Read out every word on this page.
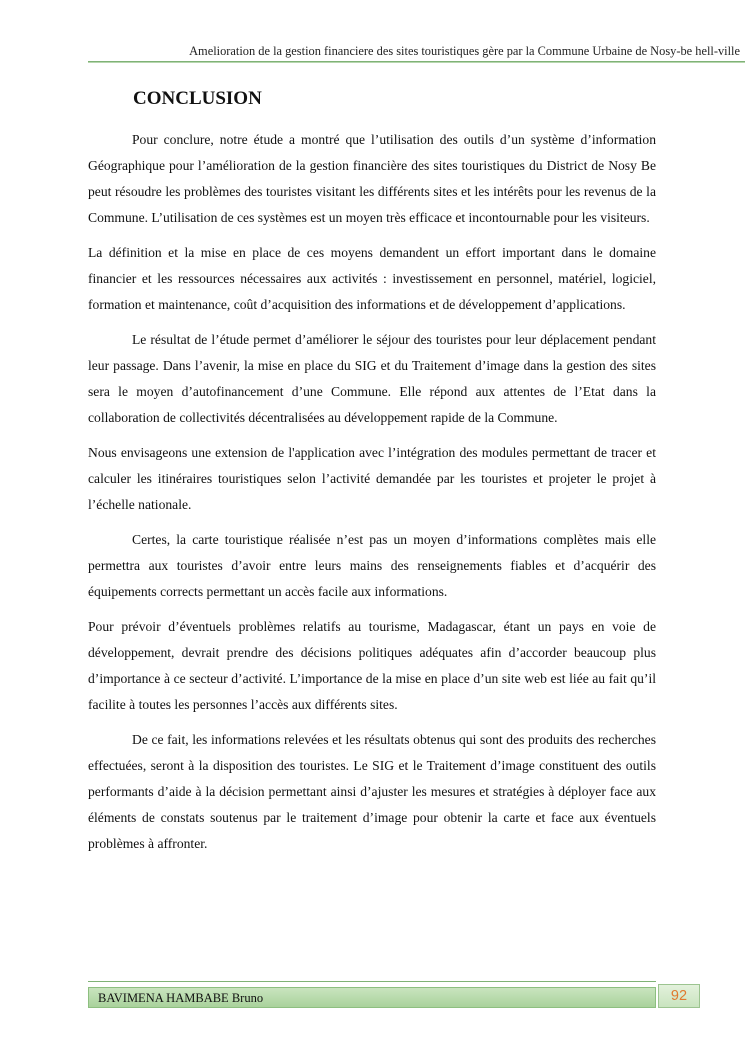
Amelioration de la gestion financiere des sites touristiques gère par la Commune Urbaine de Nosy-be hell-ville
CONCLUSION

Pour conclure, notre étude a montré que l’utilisation des outils d’un système d’information Géographique pour l’amélioration de la gestion financière des sites touristiques du District de Nosy Be peut résoudre les problèmes des touristes visitant les différents sites et les intérêts pour les revenus de la Commune. L’utilisation de ces systèmes est un moyen très efficace et incontournable pour les visiteurs.

La définition et la mise en place de ces moyens demandent un effort important dans le domaine financier et les ressources nécessaires aux activités : investissement en personnel, matériel, logiciel, formation et maintenance, coût d’acquisition des informations et de développement d’applications.

Le résultat de l’étude permet d’améliorer le séjour des touristes pour leur déplacement pendant leur passage. Dans l’avenir, la mise en place du SIG et du Traitement d’image dans la gestion des sites sera le moyen d’autofinancement d’une Commune. Elle répond aux attentes de l’Etat dans la collaboration de collectivités décentralisées au développement rapide de la Commune.

Nous envisageons une extension de l'application avec l’intégration des modules permettant de tracer et calculer les itinéraires touristiques selon l’activité demandée par les touristes et projeter le projet à l’échelle nationale.

Certes, la carte touristique réalisée n’est pas un moyen d’informations complètes mais elle permettra aux touristes d’avoir entre leurs mains des renseignements fiables et d’acquérir des équipements corrects permettant un accès facile aux informations.

Pour prévoir d’éventuels problèmes relatifs au tourisme, Madagascar, étant un pays en voie de développement, devrait prendre des décisions politiques adéquates afin d’accorder beaucoup plus d’importance à ce secteur d’activité. L’importance de la mise en place d’un site web est liée au fait qu’il facilite à toutes les personnes l’accès aux différents sites.

De ce fait, les informations relevées et les résultats obtenus qui sont des produits des recherches effectuées, seront à la disposition des touristes. Le SIG et le Traitement d’image constituent des outils performants d’aide à la décision permettant ainsi d’ajuster les mesures et stratégies à déployer face aux éléments de constats soutenus par le traitement d’image pour obtenir la carte et face aux éventuels problèmes à affronter.

BAVIMENA HAMBABE Bruno	92
